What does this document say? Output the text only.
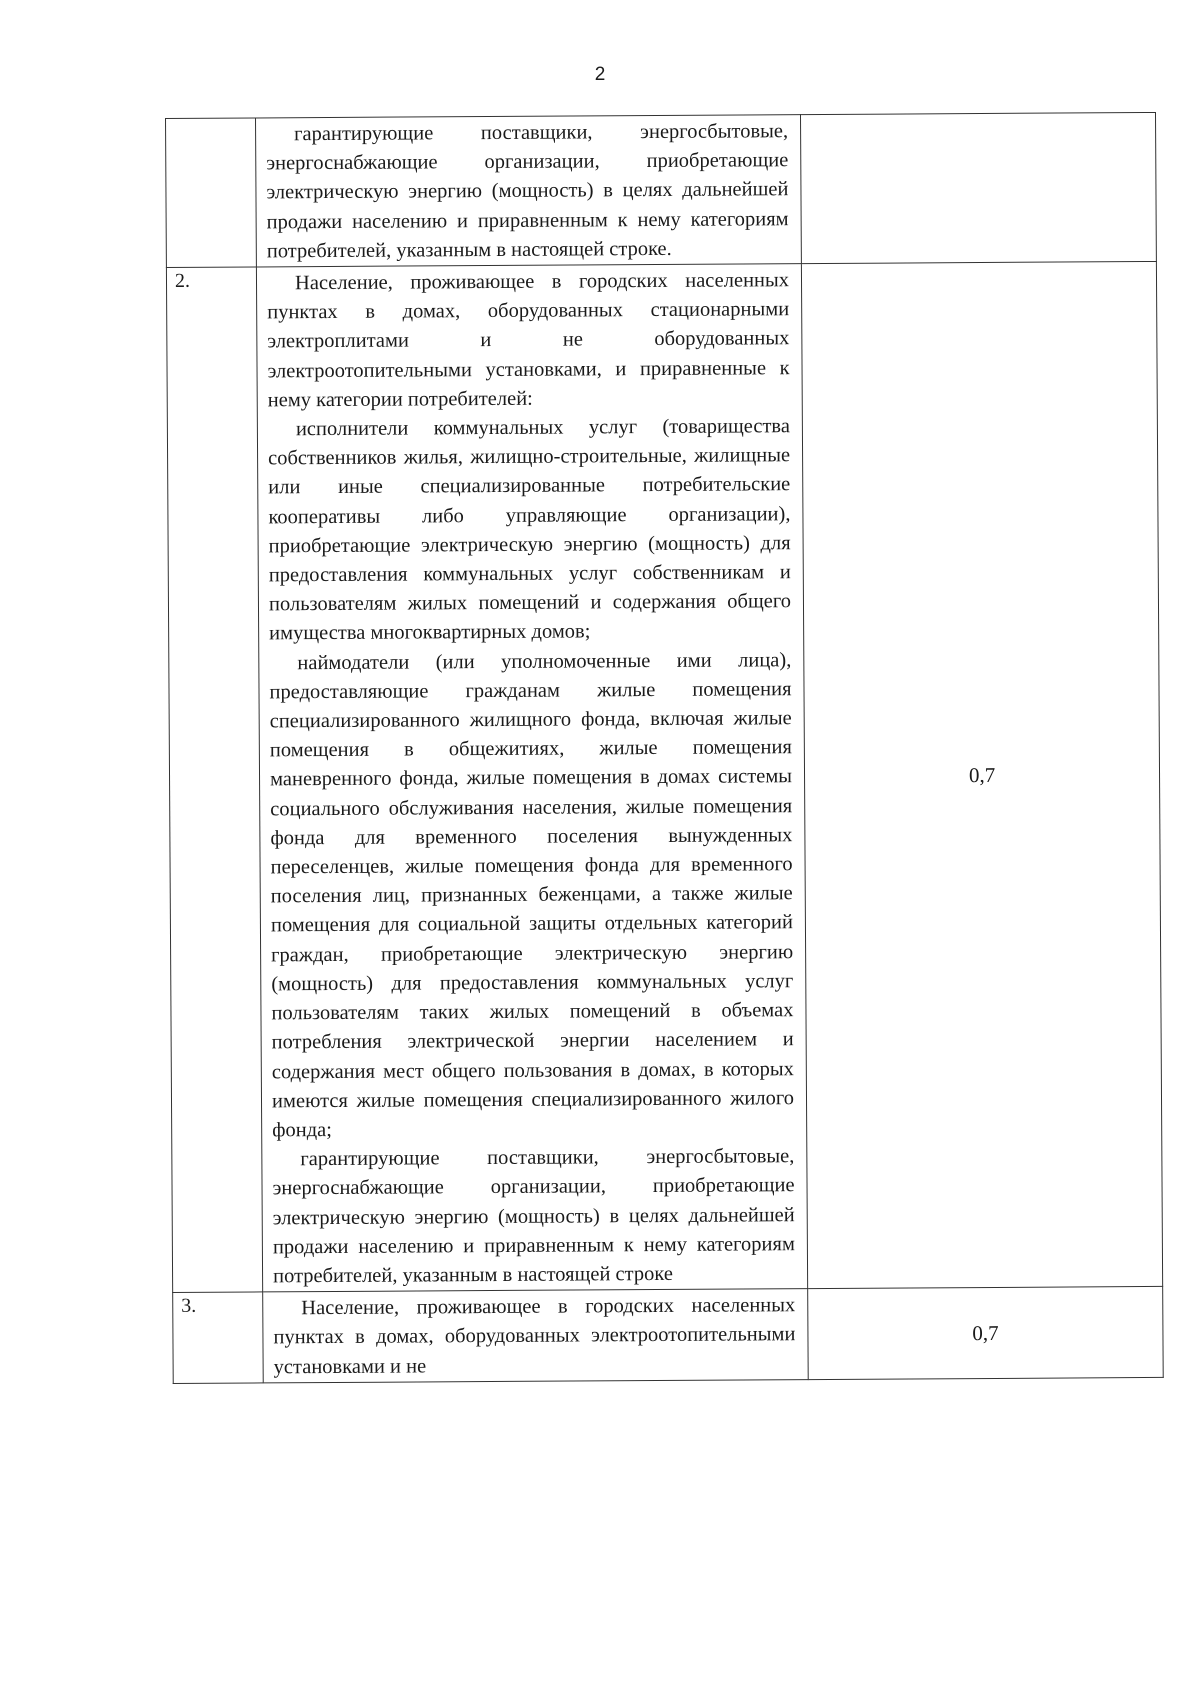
2

	гарантирующие поставщики, энергосбытовые, энергоснабжающие организации, приобретающие электрическую энергию (мощность) в целях дальнейшей продажи населению и приравненным к нему категориям потребителей, указанным в настоящей строке.	

2.	Население, проживающее в городских населенных пунктах в домах, оборудованных стационарными электроплитами и не оборудованных электроотопительными установками, и приравненные к нему категории потребителей:

исполнители коммунальных услуг (товарищества собственников жилья, жилищно-строительные, жилищные или иные специализированные потребительские кооперативы либо управляющие организации), приобретающие электрическую энергию (мощность) для предоставления коммунальных услуг собственникам и пользователям жилых помещений и содержания общего имущества многоквартирных домов;

наймодатели (или уполномоченные ими лица), предоставляющие гражданам жилые помещения специализированного жилищного фонда, включая жилые помещения в общежитиях, жилые помещения маневренного фонда, жилые помещения в домах системы социального обслуживания населения, жилые помещения фонда для временного поселения вынужденных переселенцев, жилые помещения фонда для временного поселения лиц, признанных беженцами, а также жилые помещения для социальной защиты отдельных категорий граждан, приобретающие электрическую энергию (мощность) для предоставления коммунальных услуг пользователям таких жилых помещений в объемах потребления электрической энергии населением и содержания мест общего пользования в домах, в которых имеются жилые помещения специализированного жилого фонда;

гарантирующие поставщики, энергосбытовые, энергоснабжающие организации, приобретающие электрическую энергию (мощность) в целях дальнейшей продажи населению и приравненным к нему категориям потребителей, указанным в настоящей строке	0,7
3.	Население, проживающее в городских населенных пунктах в домах, оборудованных электроотопительными установками и не	0,7
